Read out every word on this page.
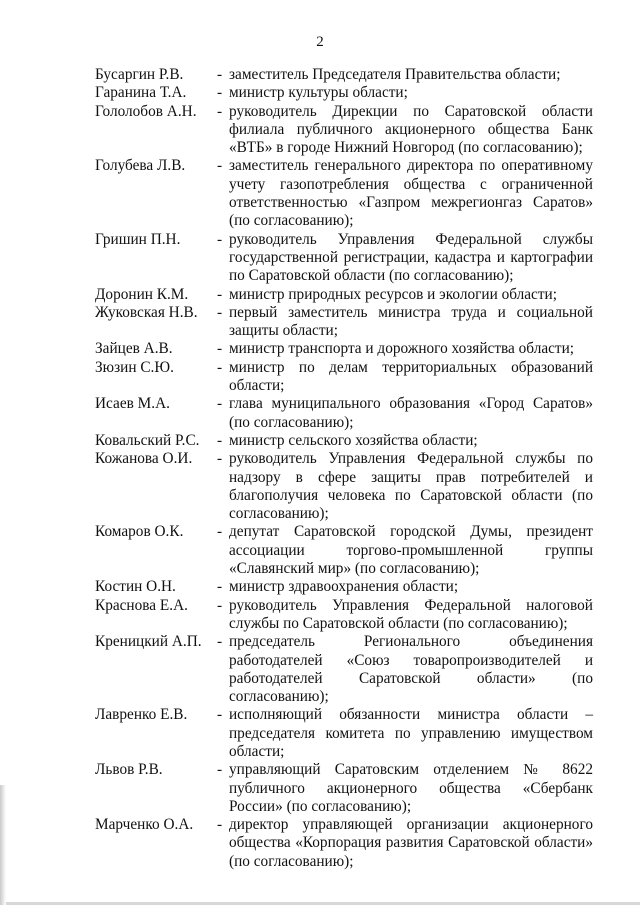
2
Бусаргин Р.В.	- заместитель Председателя Правительства области;
Гаранина Т.А.	- министр культуры области;
Гололобов А.Н.	- руководитель Дирекции по Саратовской области филиала публичного акционерного общества Банк «ВТБ» в городе Нижний Новгород (по согласованию);
Голубева Л.В.	- заместитель генерального директора по оперативному учету газопотребления общества с ограниченной ответственностью «Газпром межрегионгаз Саратов» (по согласованию);
Гришин П.Н.	- руководитель Управления Федеральной службы государственной регистрации, кадастра и картографии по Саратовской области (по согласованию);
Доронин К.М.	- министр природных ресурсов и экологии области;
Жуковская Н.В.	- первый заместитель министра труда и социальной защиты области;
Зайцев А.В.	- министр транспорта и дорожного хозяйства области;
Зюзин С.Ю.	- министр по делам территориальных образований области;
Исаев М.А.	- глава муниципального образования «Город Саратов» (по согласованию);
Ковальский Р.С.	- министр сельского хозяйства области;
Кожанова О.И.	- руководитель Управления Федеральной службы по надзору в сфере защиты прав потребителей и благополучия человека по Саратовской области (по согласованию);
Комаров О.К.	- депутат Саратовской городской Думы, президент ассоциации торгово-промышленной группы «Славянский мир» (по согласованию);
Костин О.Н.	- министр здравоохранения области;
Краснова Е.А.	- руководитель Управления Федеральной налоговой службы по Саратовской области (по согласованию);
Креницкий А.П.	- председатель Регионального объединения работодателей «Союз товаропроизводителей и работодателей Саратовской области» (по согласованию);
Лавренко Е.В.	- исполняющий обязанности министра области – председателя комитета по управлению имуществом области;
Львов Р.В.	- управляющий Саратовским отделением № 8622 публичного акционерного общества «Сбербанк России» (по согласованию);
Марченко О.А.	- директор управляющей организации акционерного общества «Корпорация развития Саратовской области» (по согласованию);
